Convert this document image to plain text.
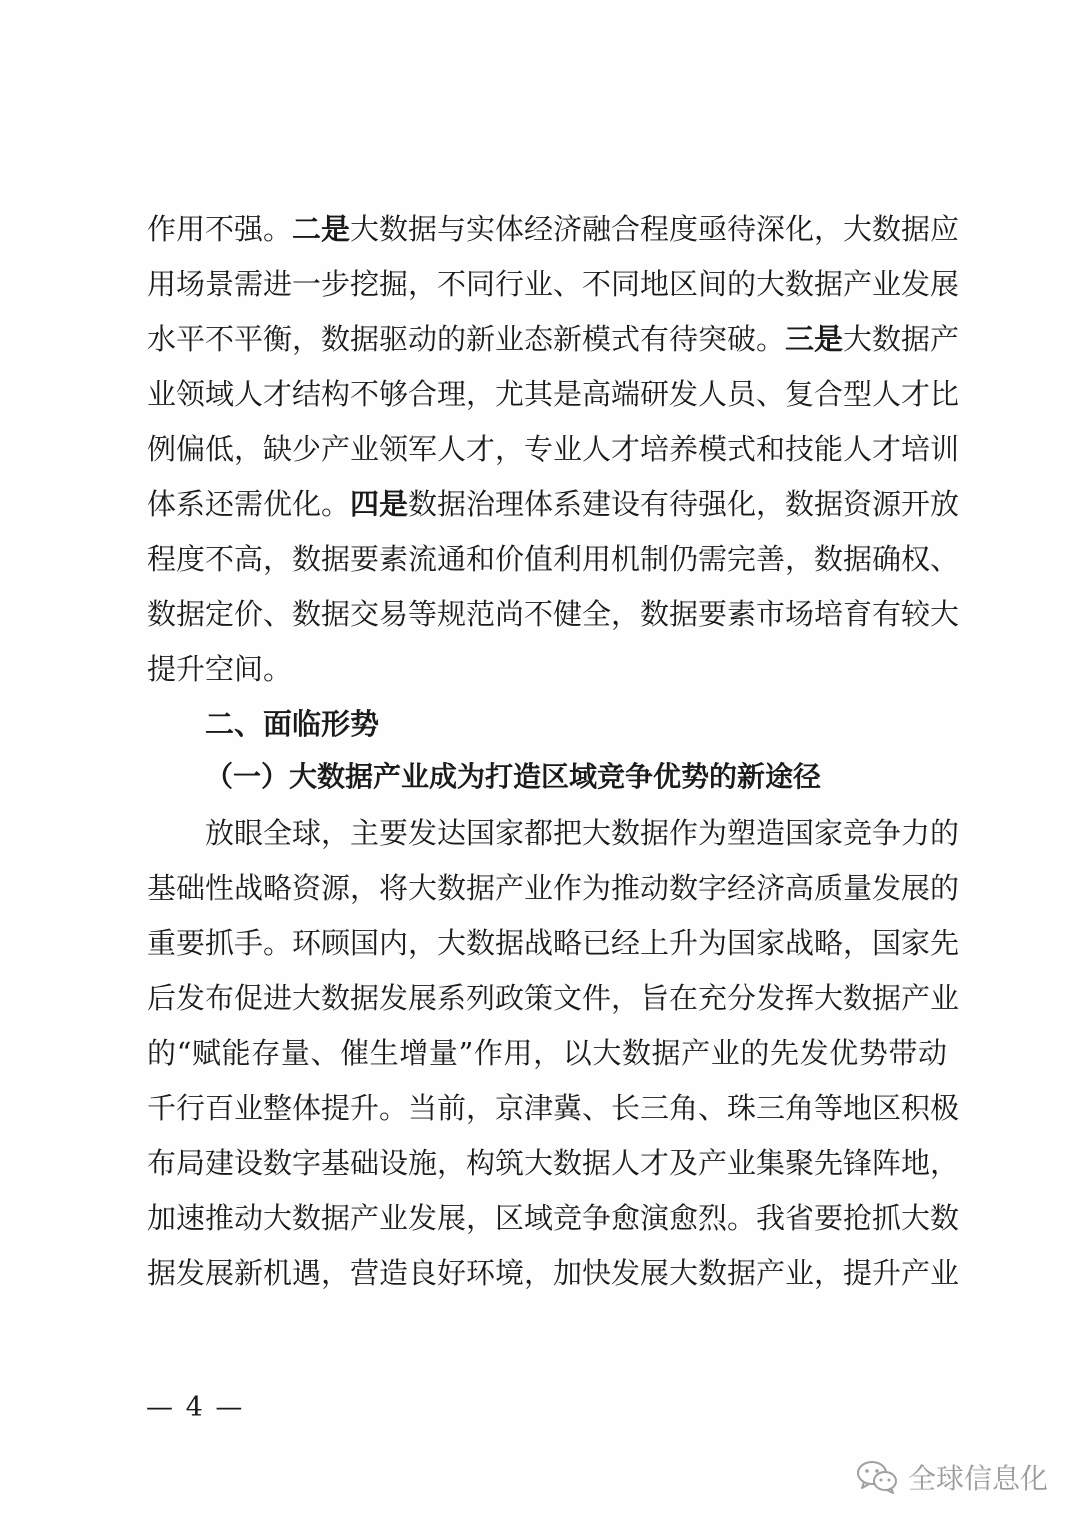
作用不强。二是大数据与实体经济融合程度亟待深化，大数据应
用场景需进一步挖掘，不同行业、不同地区间的大数据产业发展
水平不平衡，数据驱动的新业态新模式有待突破。三是大数据产
业领域人才结构不够合理，尤其是高端研发人员、复合型人才比
例偏低，缺少产业领军人才，专业人才培养模式和技能人才培训
体系还需优化。四是数据治理体系建设有待强化，数据资源开放
程度不高，数据要素流通和价值利用机制仍需完善，数据确权、
数据定价、数据交易等规范尚不健全，数据要素市场培育有较大
提升空间。
二、面临形势
（一）大数据产业成为打造区域竞争优势的新途径
放眼全球，主要发达国家都把大数据作为塑造国家竞争力的
基础性战略资源，将大数据产业作为推动数字经济高质量发展的
重要抓手。环顾国内，大数据战略已经上升为国家战略，国家先
后发布促进大数据发展系列政策文件，旨在充分发挥大数据产业
的“赋能存量、催生增量”作用，以大数据产业的先发优势带动
千行百业整体提升。当前，京津冀、长三角、珠三角等地区积极
布局建设数字基础设施，构筑大数据人才及产业集聚先锋阵地，
加速推动大数据产业发展，区域竞争愈演愈烈。我省要抢抓大数
据发展新机遇，营造良好环境，加快发展大数据产业，提升产业
— 4 —
全球信息化
